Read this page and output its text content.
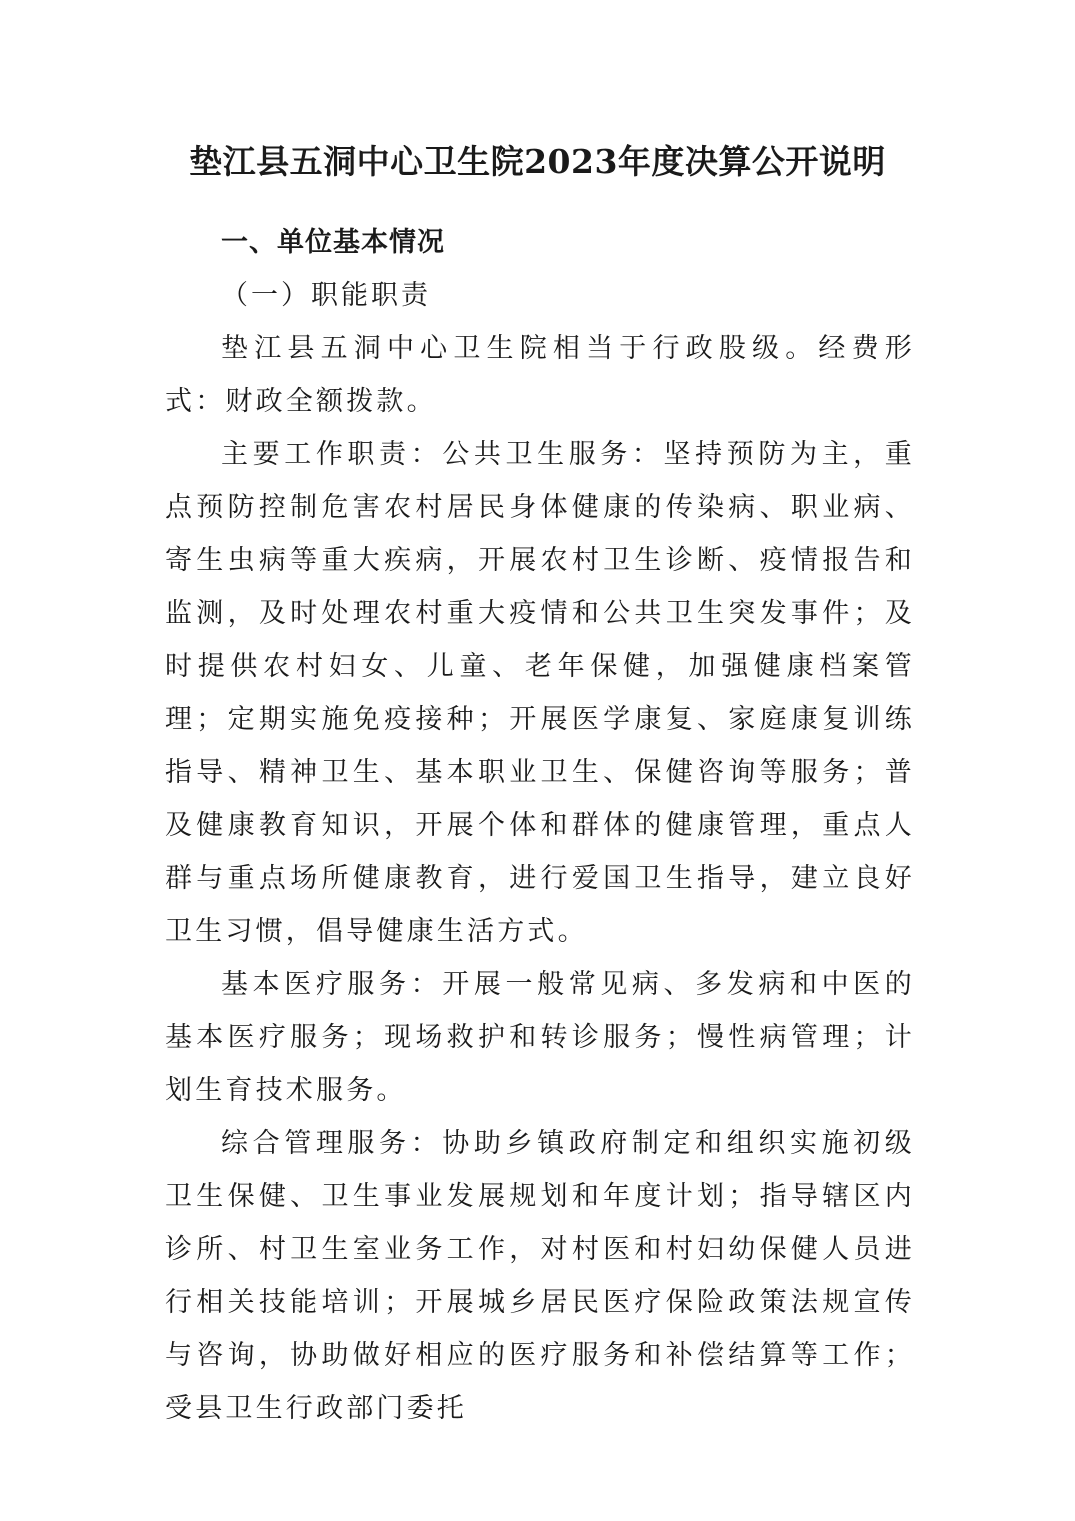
垫江县五洞中心卫生院2023年度决算公开说明

一、单位基本情况

（一）职能职责

垫江县五洞中心卫生院相当于行政股级。经费形式：财政全额拨款。

主要工作职责：公共卫生服务：坚持预防为主，重点预防控制危害农村居民身体健康的传染病、职业病、寄生虫病等重大疾病，开展农村卫生诊断、疫情报告和监测，及时处理农村重大疫情和公共卫生突发事件；及时提供农村妇女、儿童、老年保健，加强健康档案管理；定期实施免疫接种；开展医学康复、家庭康复训练指导、精神卫生、基本职业卫生、保健咨询等服务；普及健康教育知识，开展个体和群体的健康管理，重点人群与重点场所健康教育，进行爱国卫生指导，建立良好卫生习惯，倡导健康生活方式。

基本医疗服务：开展一般常见病、多发病和中医的基本医疗服务；现场救护和转诊服务；慢性病管理；计划生育技术服务。

综合管理服务：协助乡镇政府制定和组织实施初级卫生保健、卫生事业发展规划和年度计划；指导辖区内诊所、村卫生室业务工作，对村医和村妇幼保健人员进行相关技能培训；开展城乡居民医疗保险政策法规宣传与咨询，协助做好相应的医疗服务和补偿结算等工作；受县卫生行政部门委托
